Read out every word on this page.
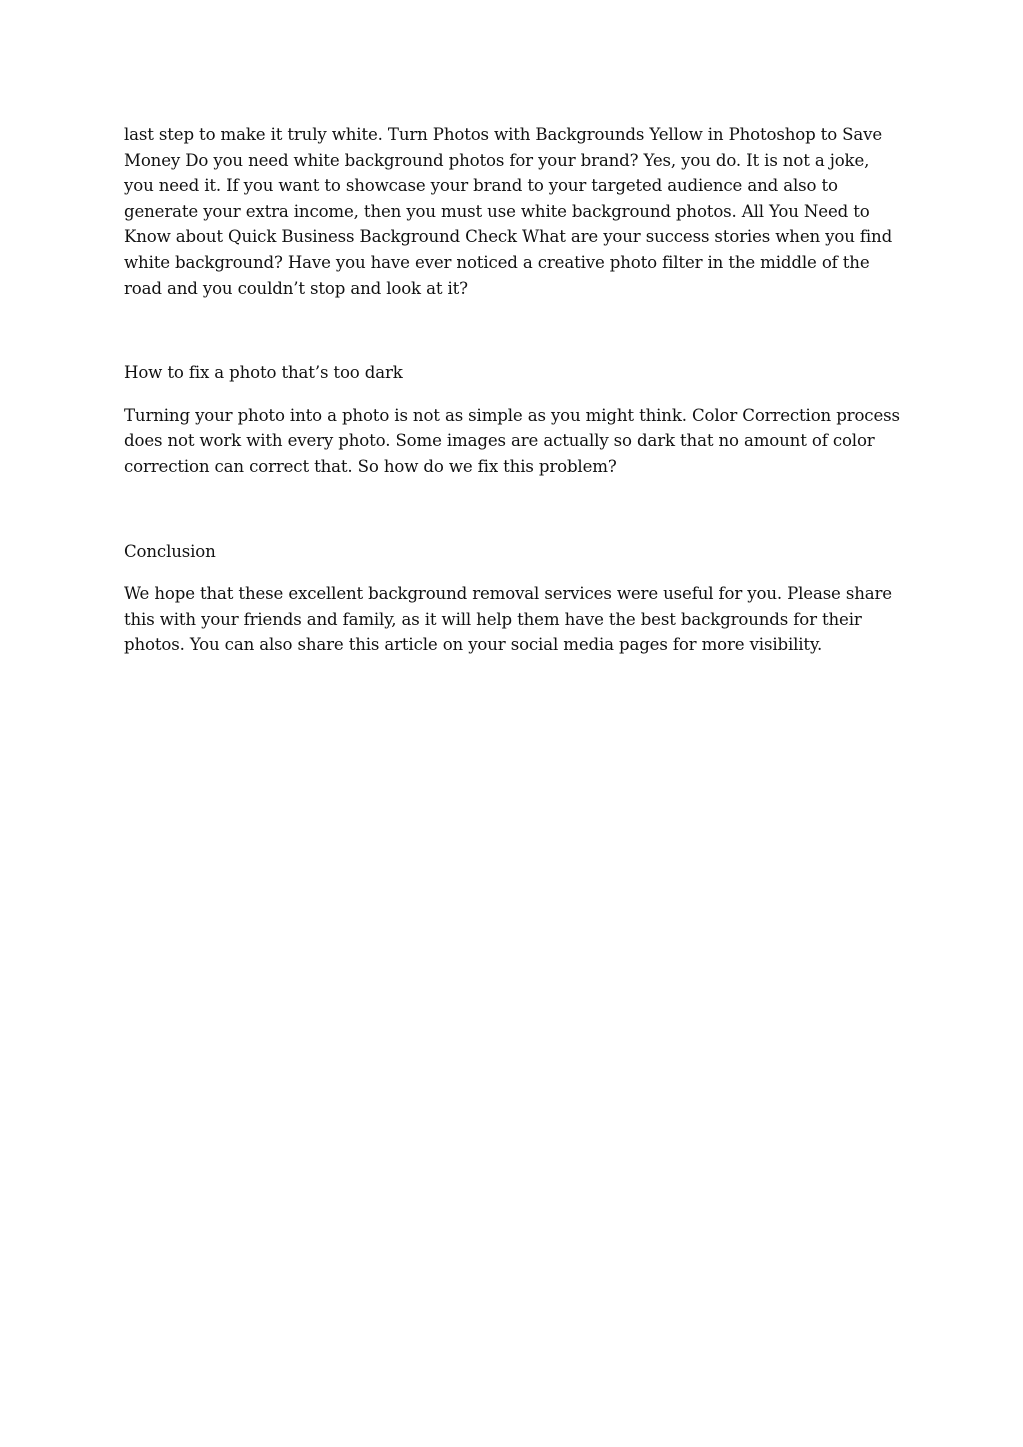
last step to make it truly white. Turn Photos with Backgrounds Yellow in Photoshop to Save Money Do you need white background photos for your brand? Yes, you do. It is not a joke, you need it. If you want to showcase your brand to your targeted audience and also to generate your extra income, then you must use white background photos. All You Need to Know about Quick Business Background Check What are your success stories when you find white background? Have you have ever noticed a creative photo filter in the middle of the road and you couldn’t stop and look at it?

How to fix a photo that’s too dark

Turning your photo into a photo is not as simple as you might think. Color Correction process does not work with every photo. Some images are actually so dark that no amount of color correction can correct that. So how do we fix this problem?

Conclusion

We hope that these excellent background removal services were useful for you. Please share this with your friends and family, as it will help them have the best backgrounds for their photos. You can also share this article on your social media pages for more visibility.
